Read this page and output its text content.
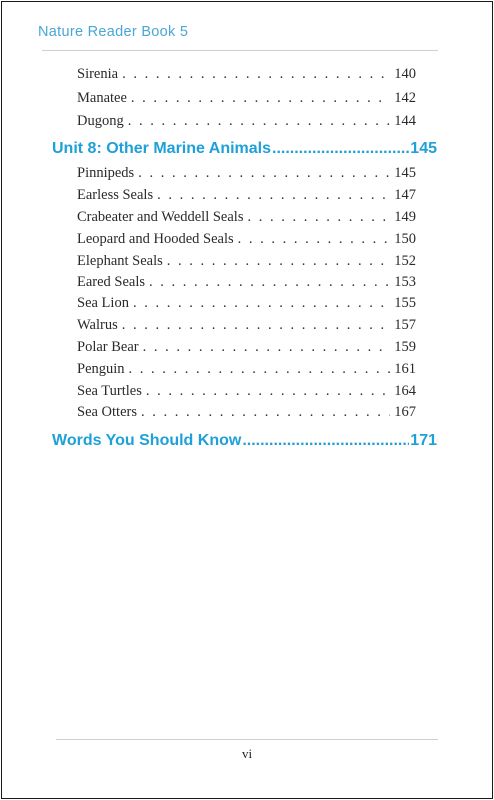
Nature Reader Book 5
Sirenia . . .	140
Manatee . . .	142
Dugong . . .	144
Unit 8: Other Marine Animals .....	145
Pinnipeds . . .	145
Earless Seals . . .	147
Crabeater and Weddell Seals . . .	149
Leopard and Hooded Seals . . .	150
Elephant Seals . . .	152
Eared Seals . . .	153
Sea Lion . . .	155
Walrus . . .	157
Polar Bear . . .	159
Penguin . . .	161
Sea Turtles . . .	164
Sea Otters . . .	167
Words You Should Know .....	171
vi
